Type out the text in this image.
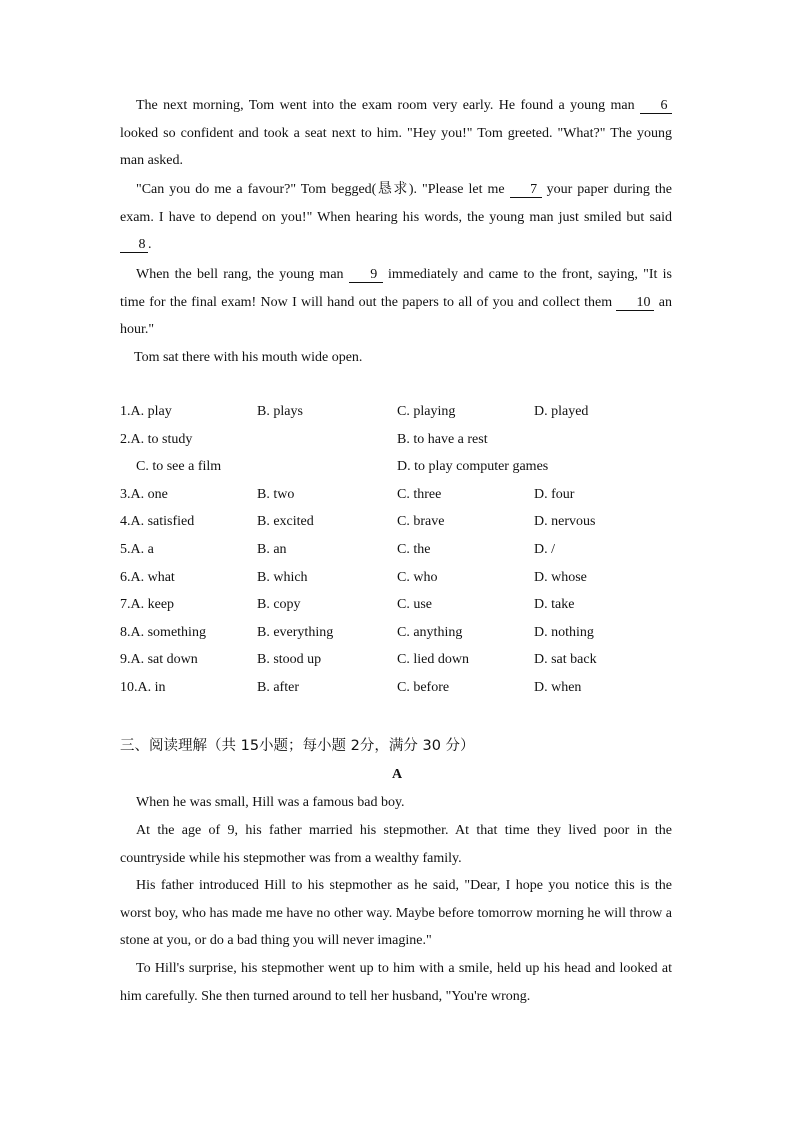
The next morning, Tom went into the exam room very early. He found a young man 6 looked so confident and took a seat next to him. "Hey you!" Tom greeted. "What?" The young man asked.

"Can you do me a favour?" Tom begged(恳求). "Please let me 7 your paper during the exam. I have to depend on you!" When hearing his words, the young man just smiled but said 8 .

When the bell rang, the young man 9 immediately and came to the front, saying, "It is time for the final exam! Now I will hand out the papers to all of you and collect them 10 an hour."

Tom sat there with his mouth wide open.

1.A. play	B. plays	C. playing	D. played
2.A. to study	B. to have a rest
C. to see a film	D. to play computer games
3.A. one	B. two	C. three	D. four
4.A. satisfied	B. excited	C. brave	D. nervous
5.A. a	B. an	C. the	D. /
6.A. what	B. which	C. who	D. whose
7.A. keep	B. copy	C. use	D. take
8.A. something	B. everything	C. anything	D. nothing
9.A. sat down	B. stood up	C. lied down	D. sat back
10.A. in	B. after	C. before	D. when
三、阅读理解（共 15小题；每小题 2分，满分 30 分）
A

When he was small, Hill was a famous bad boy.

At the age of 9, his father married his stepmother. At that time they lived poor in the countryside while his stepmother was from a wealthy family.

His father introduced Hill to his stepmother as he said, "Dear, I hope you notice this is the worst boy, who has made me have no other way. Maybe before tomorrow morning he will throw a stone at you, or do a bad thing you will never imagine."

To Hill's surprise, his stepmother went up to him with a smile, held up his head and looked at him carefully. She then turned around to tell her husband, "You're wrong.
